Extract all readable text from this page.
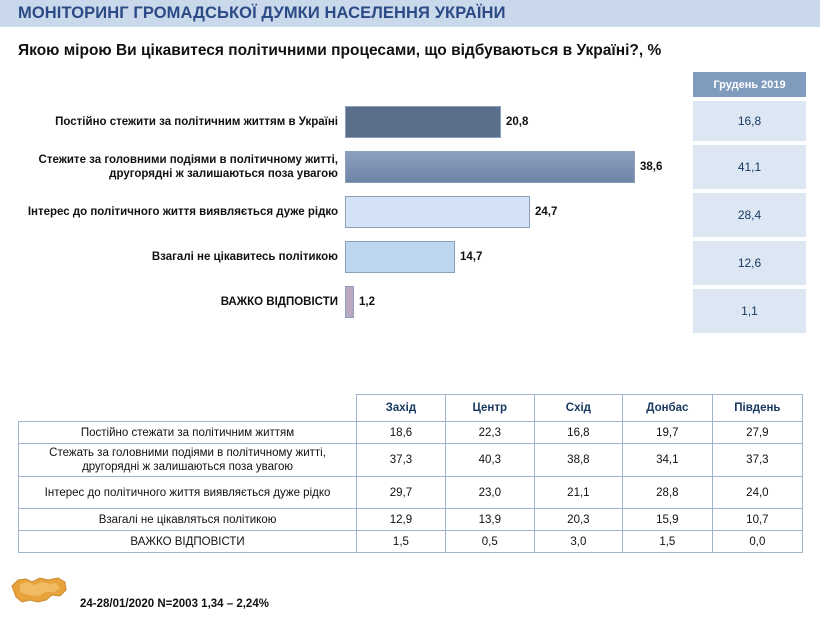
МОНІТОРИНГ ГРОМАДСЬКОЇ ДУМКИ НАСЕЛЕННЯ УКРАЇНИ
Якою мірою Ви цікавитеся політичними процесами, що відбуваються в Україні?, %
Постійно стежити за політичним життям в Україні	20,8
Стежите за головними подіями в політичному житті, другорядні ж залишаються поза увагою
38,6
Інтерес до політичного життя виявляється дуже рідко	24,7
Взагалі не цікавитесь політикою	14,7
ВАЖКО ВІДПОВІСТИ	1,2
Грудень 2019
16,8
41,1
28,4
12,6
1,1
	Захід	Центр	Схід	Донбас	Південь
Постійно стежати за політичним життям	18,6	22,3	16,8	19,7	27,9
Стежать за головними подіями в політичному житті, другорядні ж залишаються поза увагою	37,3	40,3	38,8	34,1	37,3
Інтерес до політичного життя виявляється дуже рідко	29,7	23,0	21,1	28,8	24,0
Взагалі не цікавляться політикою	12,9	13,9	20,3	15,9	10,7
ВАЖКО ВІДПОВІСТИ	1,5	0,5	3,0	1,5	0,0
24-28/01/2020 N=2003 1,34 – 2,24%
